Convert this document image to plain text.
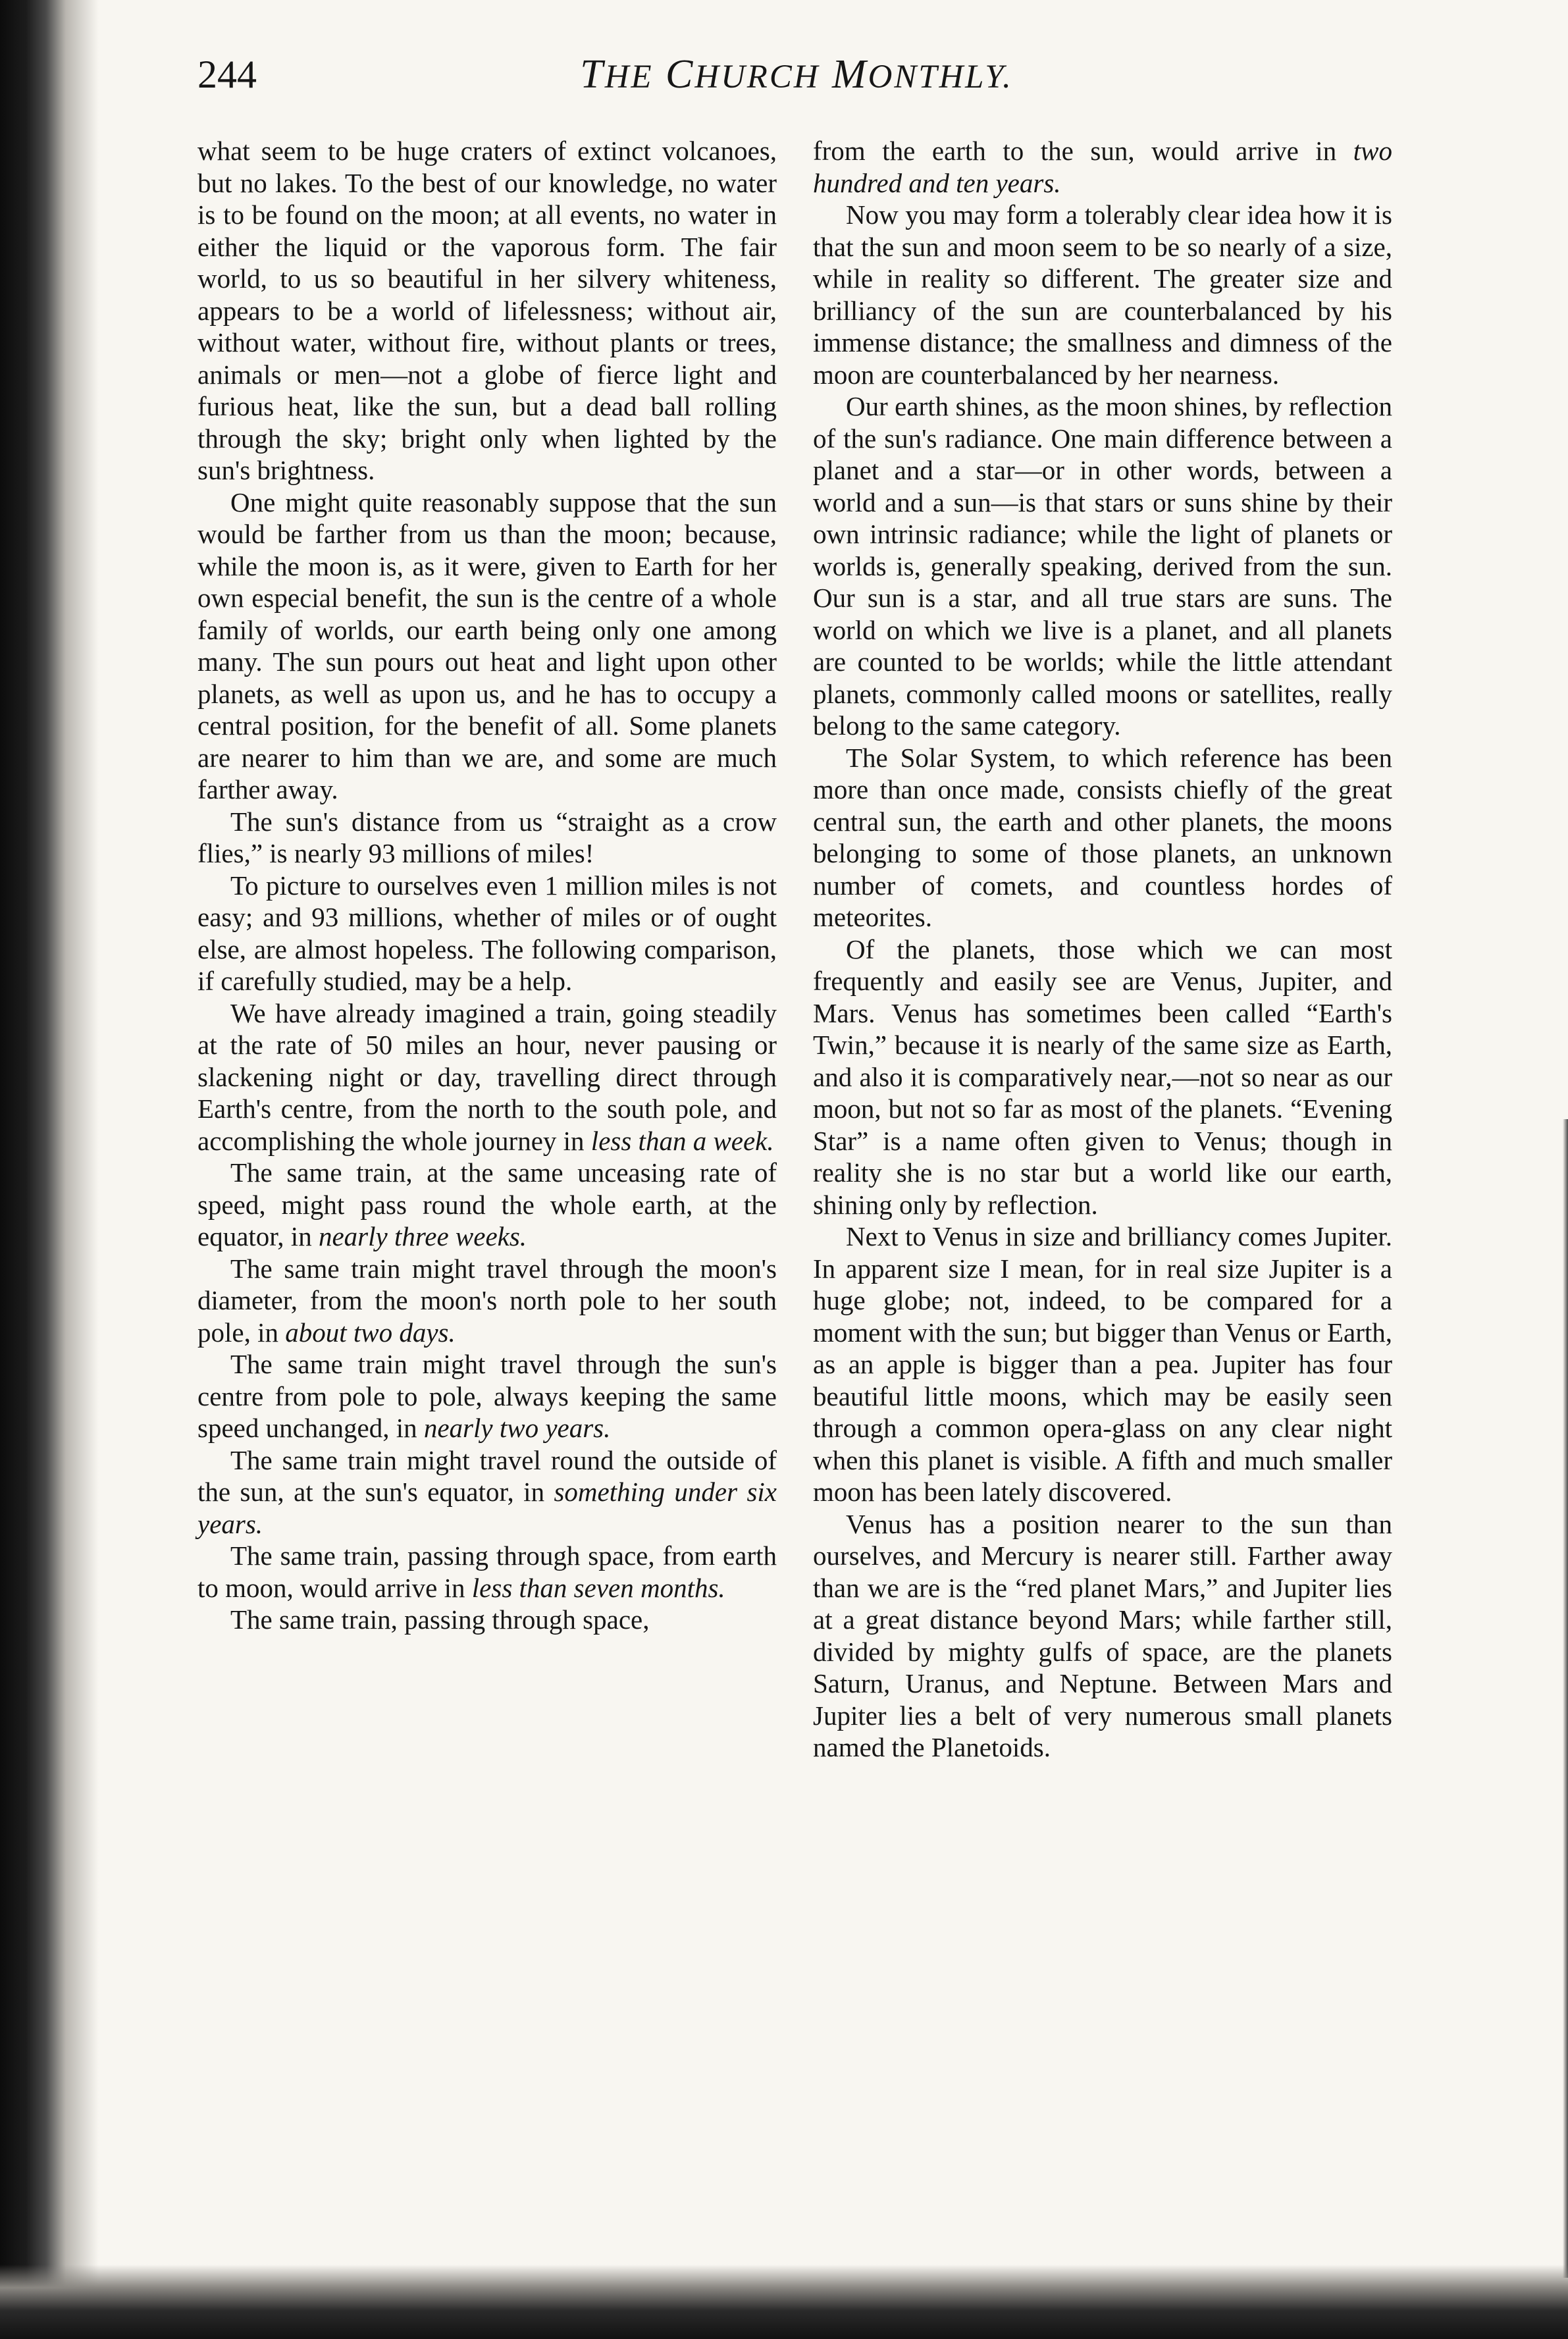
244	THE CHURCH MONTHLY.

what seem to be huge craters of extinct volcanoes, but no lakes. To the best of our knowledge, no water is to be found on the moon; at all events, no water in either the liquid or the vaporous form. The fair world, to us so beautiful in her silvery whiteness, appears to be a world of lifelessness; without air, without water, without fire, without plants or trees, animals or men—not a globe of fierce light and furious heat, like the sun, but a dead ball rolling through the sky; bright only when lighted by the sun's brightness.

One might quite reasonably suppose that the sun would be farther from us than the moon; because, while the moon is, as it were, given to Earth for her own especial benefit, the sun is the centre of a whole family of worlds, our earth being only one among many. The sun pours out heat and light upon other planets, as well as upon us, and he has to occupy a central position, for the benefit of all. Some planets are nearer to him than we are, and some are much farther away.

The sun's distance from us “straight as a crow flies,” is nearly 93 millions of miles!

To picture to ourselves even 1 million miles is not easy; and 93 millions, whether of miles or of ought else, are almost hopeless. The following comparison, if carefully studied, may be a help.

We have already imagined a train, going steadily at the rate of 50 miles an hour, never pausing or slackening night or day, travelling direct through Earth's centre, from the north to the south pole, and accomplishing the whole journey in less than a week.

The same train, at the same unceasing rate of speed, might pass round the whole earth, at the equator, in nearly three weeks.

The same train might travel through the moon's diameter, from the moon's north pole to her south pole, in about two days.

The same train might travel through the sun's centre from pole to pole, always keeping the same speed unchanged, in nearly two years.

The same train might travel round the outside of the sun, at the sun's equator, in something under six years.

The same train, passing through space, from earth to moon, would arrive in less than seven months.

The same train, passing through space,

from the earth to the sun, would arrive in two hundred and ten years.

Now you may form a tolerably clear idea how it is that the sun and moon seem to be so nearly of a size, while in reality so different. The greater size and brilliancy of the sun are counterbalanced by his immense distance; the smallness and dimness of the moon are counterbalanced by her nearness.

Our earth shines, as the moon shines, by reflection of the sun's radiance. One main difference between a planet and a star—or in other words, between a world and a sun—is that stars or suns shine by their own intrinsic radiance; while the light of planets or worlds is, generally speaking, derived from the sun. Our sun is a star, and all true stars are suns. The world on which we live is a planet, and all planets are counted to be worlds; while the little attendant planets, commonly called moons or satellites, really belong to the same category.

The Solar System, to which reference has been more than once made, consists chiefly of the great central sun, the earth and other planets, the moons belonging to some of those planets, an unknown number of comets, and countless hordes of meteorites.

Of the planets, those which we can most frequently and easily see are Venus, Jupiter, and Mars. Venus has sometimes been called “Earth's Twin,” because it is nearly of the same size as Earth, and also it is comparatively near,—not so near as our moon, but not so far as most of the planets. “Evening Star” is a name often given to Venus; though in reality she is no star but a world like our earth, shining only by reflection.

Next to Venus in size and brilliancy comes Jupiter. In apparent size I mean, for in real size Jupiter is a huge globe; not, indeed, to be compared for a moment with the sun; but bigger than Venus or Earth, as an apple is bigger than a pea. Jupiter has four beautiful little moons, which may be easily seen through a common opera-glass on any clear night when this planet is visible. A fifth and much smaller moon has been lately discovered.

Venus has a position nearer to the sun than ourselves, and Mercury is nearer still. Farther away than we are is the “red planet Mars,” and Jupiter lies at a great distance beyond Mars; while farther still, divided by mighty gulfs of space, are the planets Saturn, Uranus, and Neptune. Between Mars and Jupiter lies a belt of very numerous small planets named the Planetoids.
